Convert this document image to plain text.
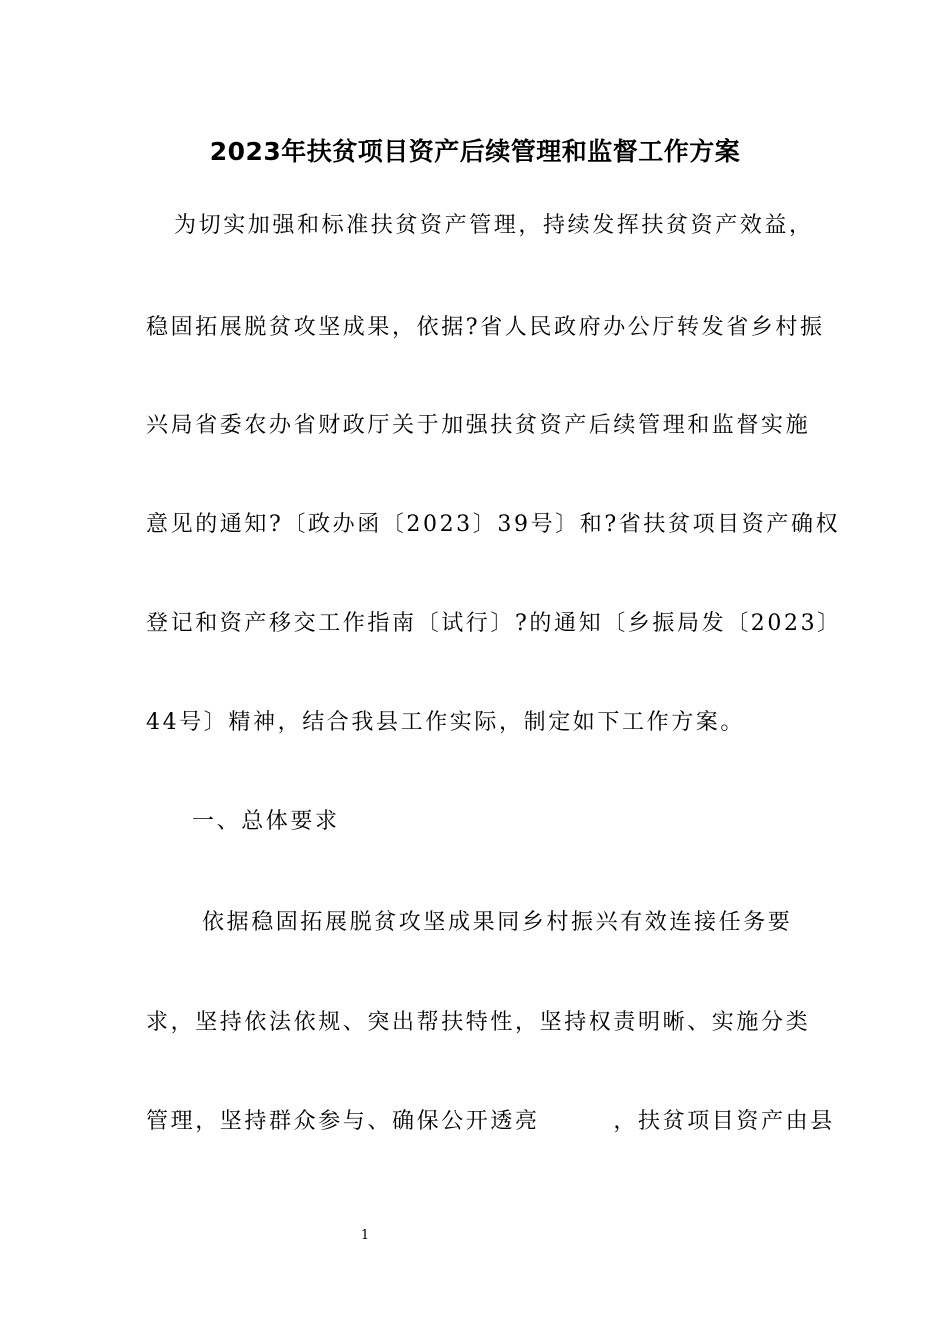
2023年扶贫项目资产后续管理和监督工作方案
为切实加强和标准扶贫资产管理，持续发挥扶贫资产效益，
稳固拓展脱贫攻坚成果，依据?省人民政府办公厅转发省乡村振
兴局省委农办省财政厅关于加强扶贫资产后续管理和监督实施
意见的通知?〔政办函〔2023〕39号〕和?省扶贫项目资产确权
登记和资产移交工作指南〔试行〕?的通知〔乡振局发〔2023〕
44号〕精神，结合我县工作实际，制定如下工作方案。
一、总体要求
依据稳固拓展脱贫攻坚成果同乡村振兴有效连接任务要
求，坚持依法依规、突出帮扶特性，坚持权责明晰、实施分类
管理，坚持群众参与、确保公开透亮　　　，扶贫项目资产由县
1
